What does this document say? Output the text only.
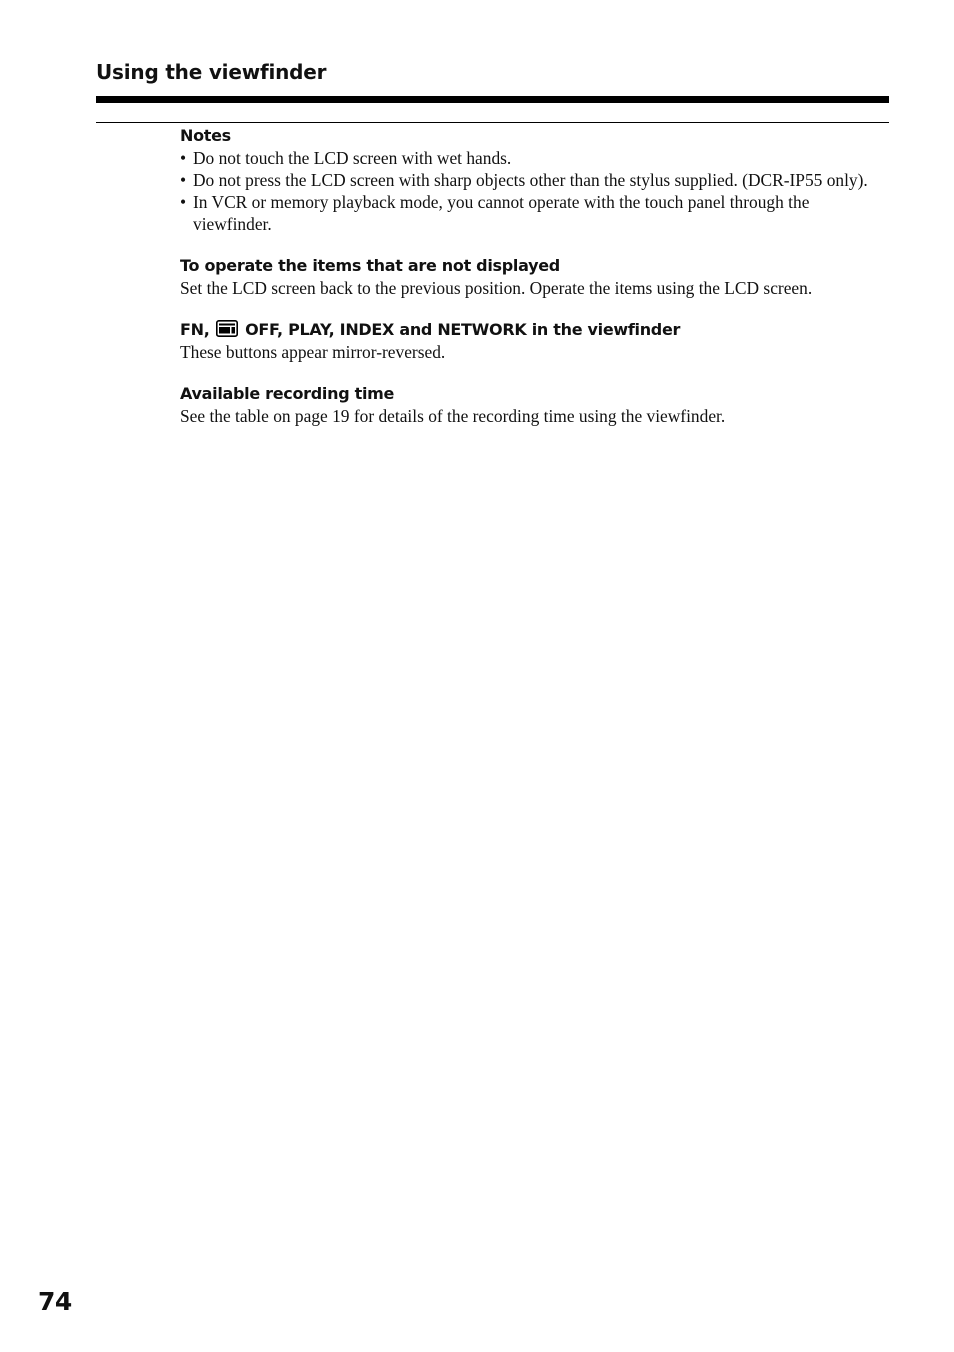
Using the viewfinder

Notes

• Do not touch the LCD screen with wet hands.
• Do not press the LCD screen with sharp objects other than the stylus supplied. (DCR-IP55 only).
• In VCR or memory playback mode, you cannot operate with the touch panel through the viewfinder.

To operate the items that are not displayed

Set the LCD screen back to the previous position. Operate the items using the LCD screen.

FN, OFF, PLAY, INDEX and NETWORK in the viewfinder

These buttons appear mirror-reversed.

Available recording time

See the table on page 19 for details of the recording time using the viewfinder.

74
